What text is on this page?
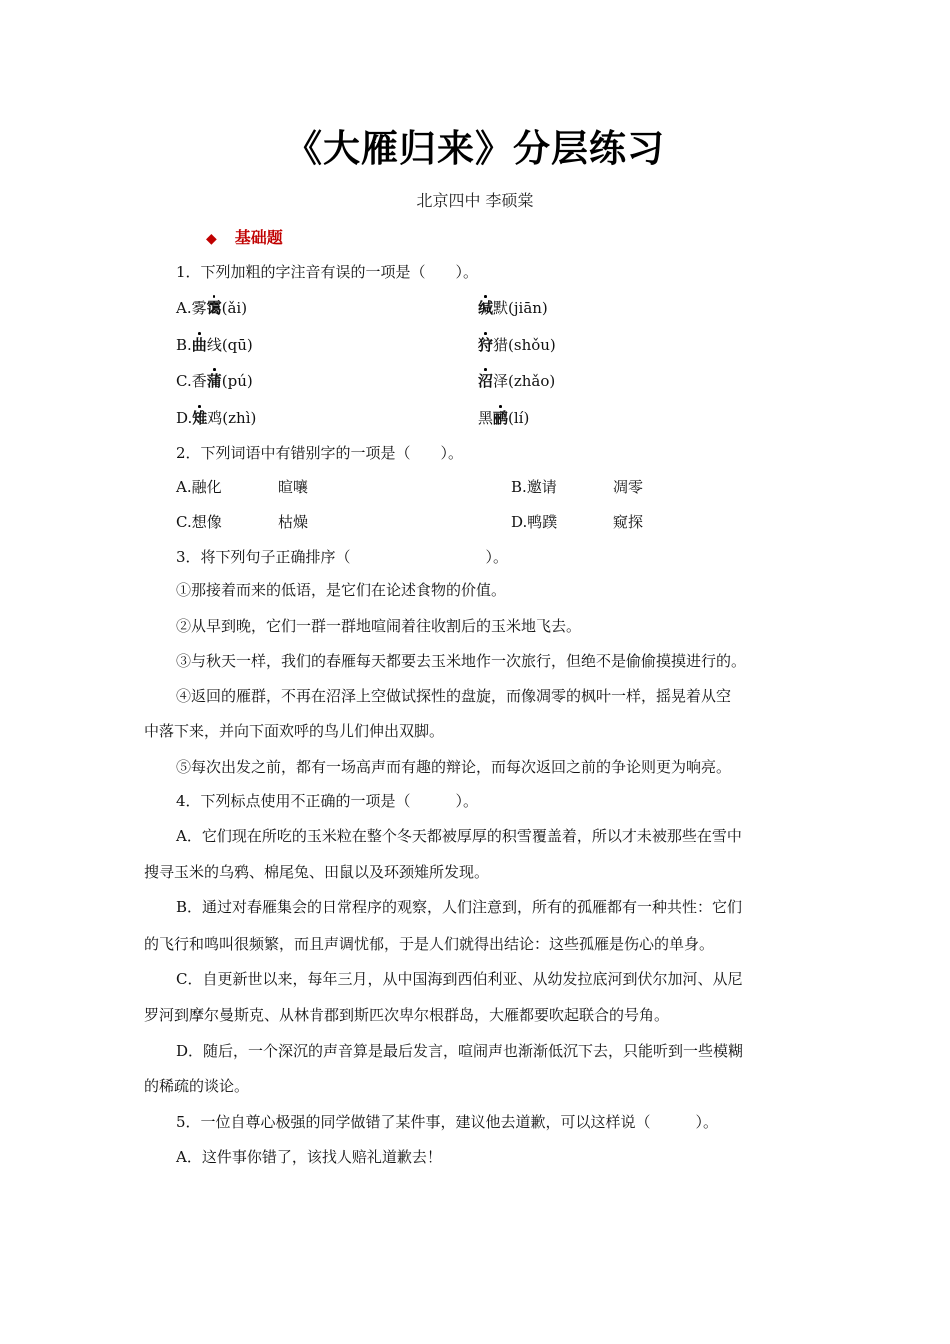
《大雁归来》分层练习
北京四中 李硕棠
◆ 基础题
1．下列加粗的字注音有误的一项是（　　）。
A.雾霭(ǎi)	缄默(jiān)
B.曲线(qū)	狩猎(shǒu)
C.香蒲(pú)	沼泽(zhǎo)
D.雉鸡(zhì)	黑鹂(lí)
2．下列词语中有错别字的一项是（　　）。
A.融化	暄嚷	B.邀请	凋零
C.想像	枯燥	D.鸭蹼	窥探
3．将下列句子正确排序（　　　　　　　　　）。
①那接着而来的低语，是它们在论述食物的价值。
②从早到晚，它们一群一群地喧闹着往收割后的玉米地飞去。
③与秋天一样，我们的春雁每天都要去玉米地作一次旅行，但绝不是偷偷摸摸进行的。
④返回的雁群，不再在沼泽上空做试探性的盘旋，而像凋零的枫叶一样，摇晃着从空
中落下来，并向下面欢呼的鸟儿们伸出双脚。
⑤每次出发之前，都有一场高声而有趣的辩论，而每次返回之前的争论则更为响亮。
4．下列标点使用不正确的一项是（　　　）。
A．它们现在所吃的玉米粒在整个冬天都被厚厚的积雪覆盖着，所以才未被那些在雪中
搜寻玉米的乌鸦、棉尾兔、田鼠以及环颈雉所发现。
B．通过对春雁集会的日常程序的观察，人们注意到，所有的孤雁都有一种共性：它们
的飞行和鸣叫很频繁，而且声调忧郁，于是人们就得出结论：这些孤雁是伤心的单身。
C．自更新世以来，每年三月，从中国海到西伯利亚、从幼发拉底河到伏尔加河、从尼
罗河到摩尔曼斯克、从林肯郡到斯匹次卑尔根群岛，大雁都要吹起联合的号角。
D．随后，一个深沉的声音算是最后发言，喧闹声也渐渐低沉下去，只能听到一些模糊
的稀疏的谈论。
5．一位自尊心极强的同学做错了某件事，建议他去道歉，可以这样说（　　　）。
A．这件事你错了，该找人赔礼道歉去！
